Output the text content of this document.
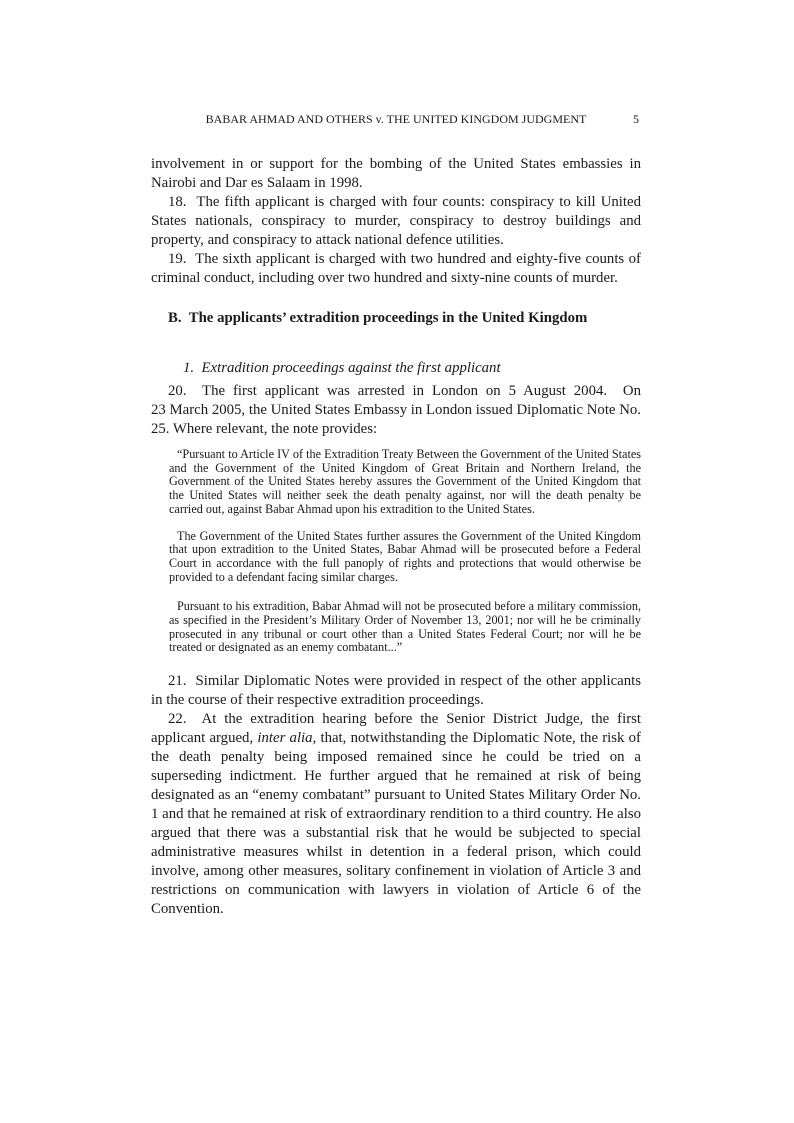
BABAR AHMAD AND OTHERS v. THE UNITED KINGDOM JUDGMENT	5

involvement in or support for the bombing of the United States embassies in Nairobi and Dar es Salaam in 1998.

18.  The fifth applicant is charged with four counts: conspiracy to kill United States nationals, conspiracy to murder, conspiracy to destroy buildings and property, and conspiracy to attack national defence utilities.

19.  The sixth applicant is charged with two hundred and eighty-five counts of criminal conduct, including over two hundred and sixty-nine counts of murder.

B.  The applicants’ extradition proceedings in the United Kingdom
1.  Extradition proceedings against the first applicant

20.  The first applicant was arrested in London on 5 August 2004.  On 23 March 2005, the United States Embassy in London issued Diplomatic Note No. 25. Where relevant, the note provides:

“Pursuant to Article IV of the Extradition Treaty Between the Government of the United States and the Government of the United Kingdom of Great Britain and Northern Ireland, the Government of the United States hereby assures the Government of the United Kingdom that the United States will neither seek the death penalty against, nor will the death penalty be carried out, against Babar Ahmad upon his extradition to the United States.

The Government of the United States further assures the Government of the United Kingdom that upon extradition to the United States, Babar Ahmad will be prosecuted before a Federal Court in accordance with the full panoply of rights and protections that would otherwise be provided to a defendant facing similar charges.

Pursuant to his extradition, Babar Ahmad will not be prosecuted before a military commission, as specified in the President’s Military Order of November 13, 2001; nor will he be criminally prosecuted in any tribunal or court other than a United States Federal Court; nor will he be treated or designated as an enemy combatant...”

21.  Similar Diplomatic Notes were provided in respect of the other applicants in the course of their respective extradition proceedings.

22.  At the extradition hearing before the Senior District Judge, the first applicant argued, inter alia, that, notwithstanding the Diplomatic Note, the risk of the death penalty being imposed remained since he could be tried on a superseding indictment. He further argued that he remained at risk of being designated as an “enemy combatant” pursuant to United States Military Order No. 1 and that he remained at risk of extraordinary rendition to a third country. He also argued that there was a substantial risk that he would be subjected to special administrative measures whilst in detention in a federal prison, which could involve, among other measures, solitary confinement in violation of Article 3 and restrictions on communication with lawyers in violation of Article 6 of the Convention.
